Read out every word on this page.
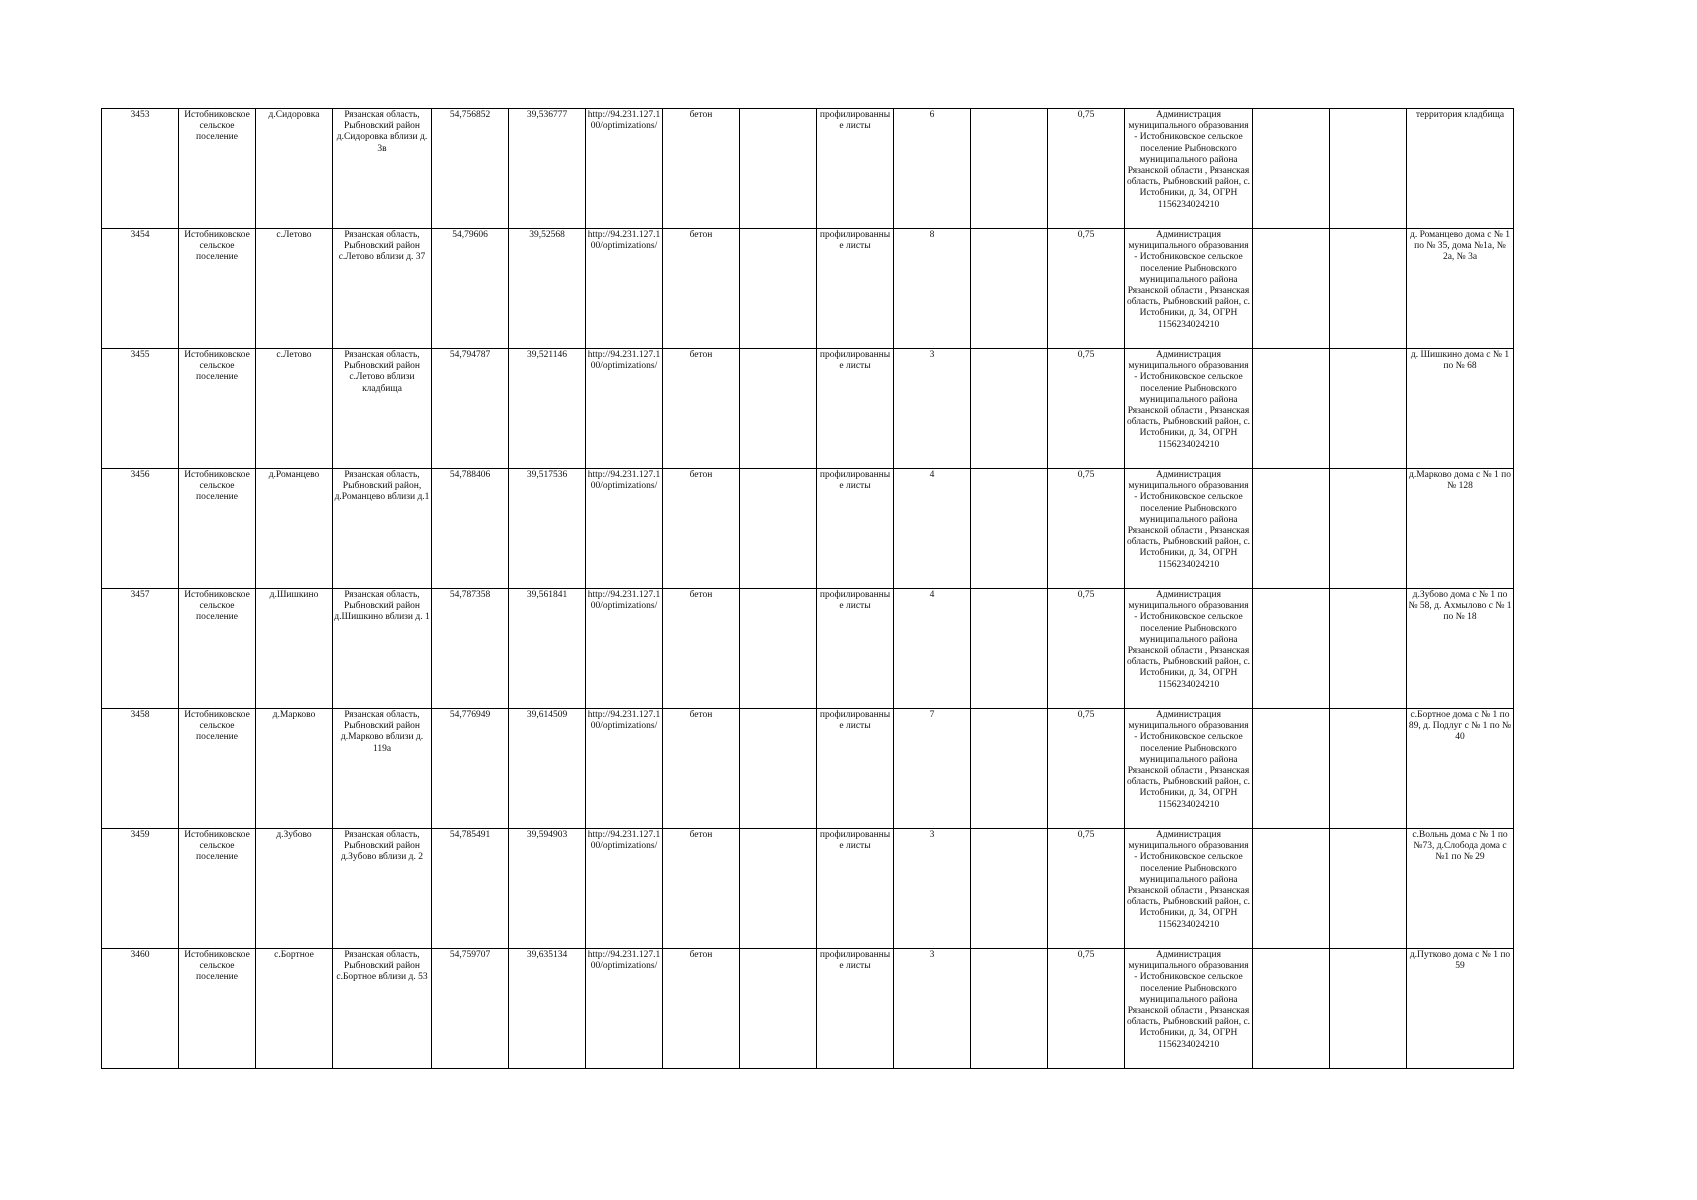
3453	Истобниковское сельское поселение	д.Сидоровка	Рязанская область, Рыбновский район д.Сидоровка вблизи д. 3в	54,756852	39,536777	http://94.231.127.100/optimizations/	бетон		профилированные листы	6		0,75	Администрация муниципального образования - Истобниковское сельское поселение Рыбновского муниципального района Рязанской области , Рязанская область, Рыбновский район, с. Истобники, д. 34, ОГРН 1156234024210			территория кладбища
3454	Истобниковское сельское поселение	с.Летово	Рязанская область, Рыбновский район с.Летово вблизи д. 37	54,79606	39,52568	http://94.231.127.100/optimizations/	бетон		профилированные листы	8		0,75	Администрация муниципального образования - Истобниковское сельское поселение Рыбновского муниципального района Рязанской области , Рязанская область, Рыбновский район, с. Истобники, д. 34, ОГРН 1156234024210			д. Романцево дома с № 1 по № 35, дома №1а, № 2а, № 3а
3455	Истобниковское сельское поселение	с.Летово	Рязанская область, Рыбновский район с.Летово вблизи кладбища	54,794787	39,521146	http://94.231.127.100/optimizations/	бетон		профилированные листы	3		0,75	Администрация муниципального образования - Истобниковское сельское поселение Рыбновского муниципального района Рязанской области , Рязанская область, Рыбновский район, с. Истобники, д. 34, ОГРН 1156234024210			д. Шишкино дома с № 1 по № 68
3456	Истобниковское сельское поселение	д.Романцево	Рязанская область, Рыбновский район, д.Романцево вблизи д.1	54,788406	39,517536	http://94.231.127.100/optimizations/	бетон		профилированные листы	4		0,75	Администрация муниципального образования - Истобниковское сельское поселение Рыбновского муниципального района Рязанской области , Рязанская область, Рыбновский район, с. Истобники, д. 34, ОГРН 1156234024210			д.Марково дома с № 1 по № 128
3457	Истобниковское сельское поселение	д.Шишкино	Рязанская область, Рыбновский район д.Шишкино вблизи д. 1	54,787358	39,561841	http://94.231.127.100/optimizations/	бетон		профилированные листы	4		0,75	Администрация муниципального образования - Истобниковское сельское поселение Рыбновского муниципального района Рязанской области , Рязанская область, Рыбновский район, с. Истобники, д. 34, ОГРН 1156234024210			д.Зубово дома с № 1 по № 58, д. Ахмылово с № 1 по № 18
3458	Истобниковское сельское поселение	д.Марково	Рязанская область, Рыбновский район д.Марково вблизи д. 119а	54,776949	39,614509	http://94.231.127.100/optimizations/	бетон		профилированные листы	7		0,75	Администрация муниципального образования - Истобниковское сельское поселение Рыбновского муниципального района Рязанской области , Рязанская область, Рыбновский район, с. Истобники, д. 34, ОГРН 1156234024210			с.Бортное дома с № 1 по 89, д. Подлуг с № 1 по № 40
3459	Истобниковское сельское поселение	д.Зубово	Рязанская область, Рыбновский район д.Зубово вблизи д. 2	54,785491	39,594903	http://94.231.127.100/optimizations/	бетон		профилированные листы	3		0,75	Администрация муниципального образования - Истобниковское сельское поселение Рыбновского муниципального района Рязанской области , Рязанская область, Рыбновский район, с. Истобники, д. 34, ОГРН 1156234024210			с.Вольнь дома с № 1 по №73, д.Слобода дома с №1 по № 29
3460	Истобниковское сельское поселение	с.Бортное	Рязанская область, Рыбновский район с.Бортное вблизи д. 53	54,759707	39,635134	http://94.231.127.100/optimizations/	бетон		профилированные листы	3		0,75	Администрация муниципального образования - Истобниковское сельское поселение Рыбновского муниципального района Рязанской области , Рязанская область, Рыбновский район, с. Истобники, д. 34, ОГРН 1156234024210			д.Путково дома с № 1 по 59
